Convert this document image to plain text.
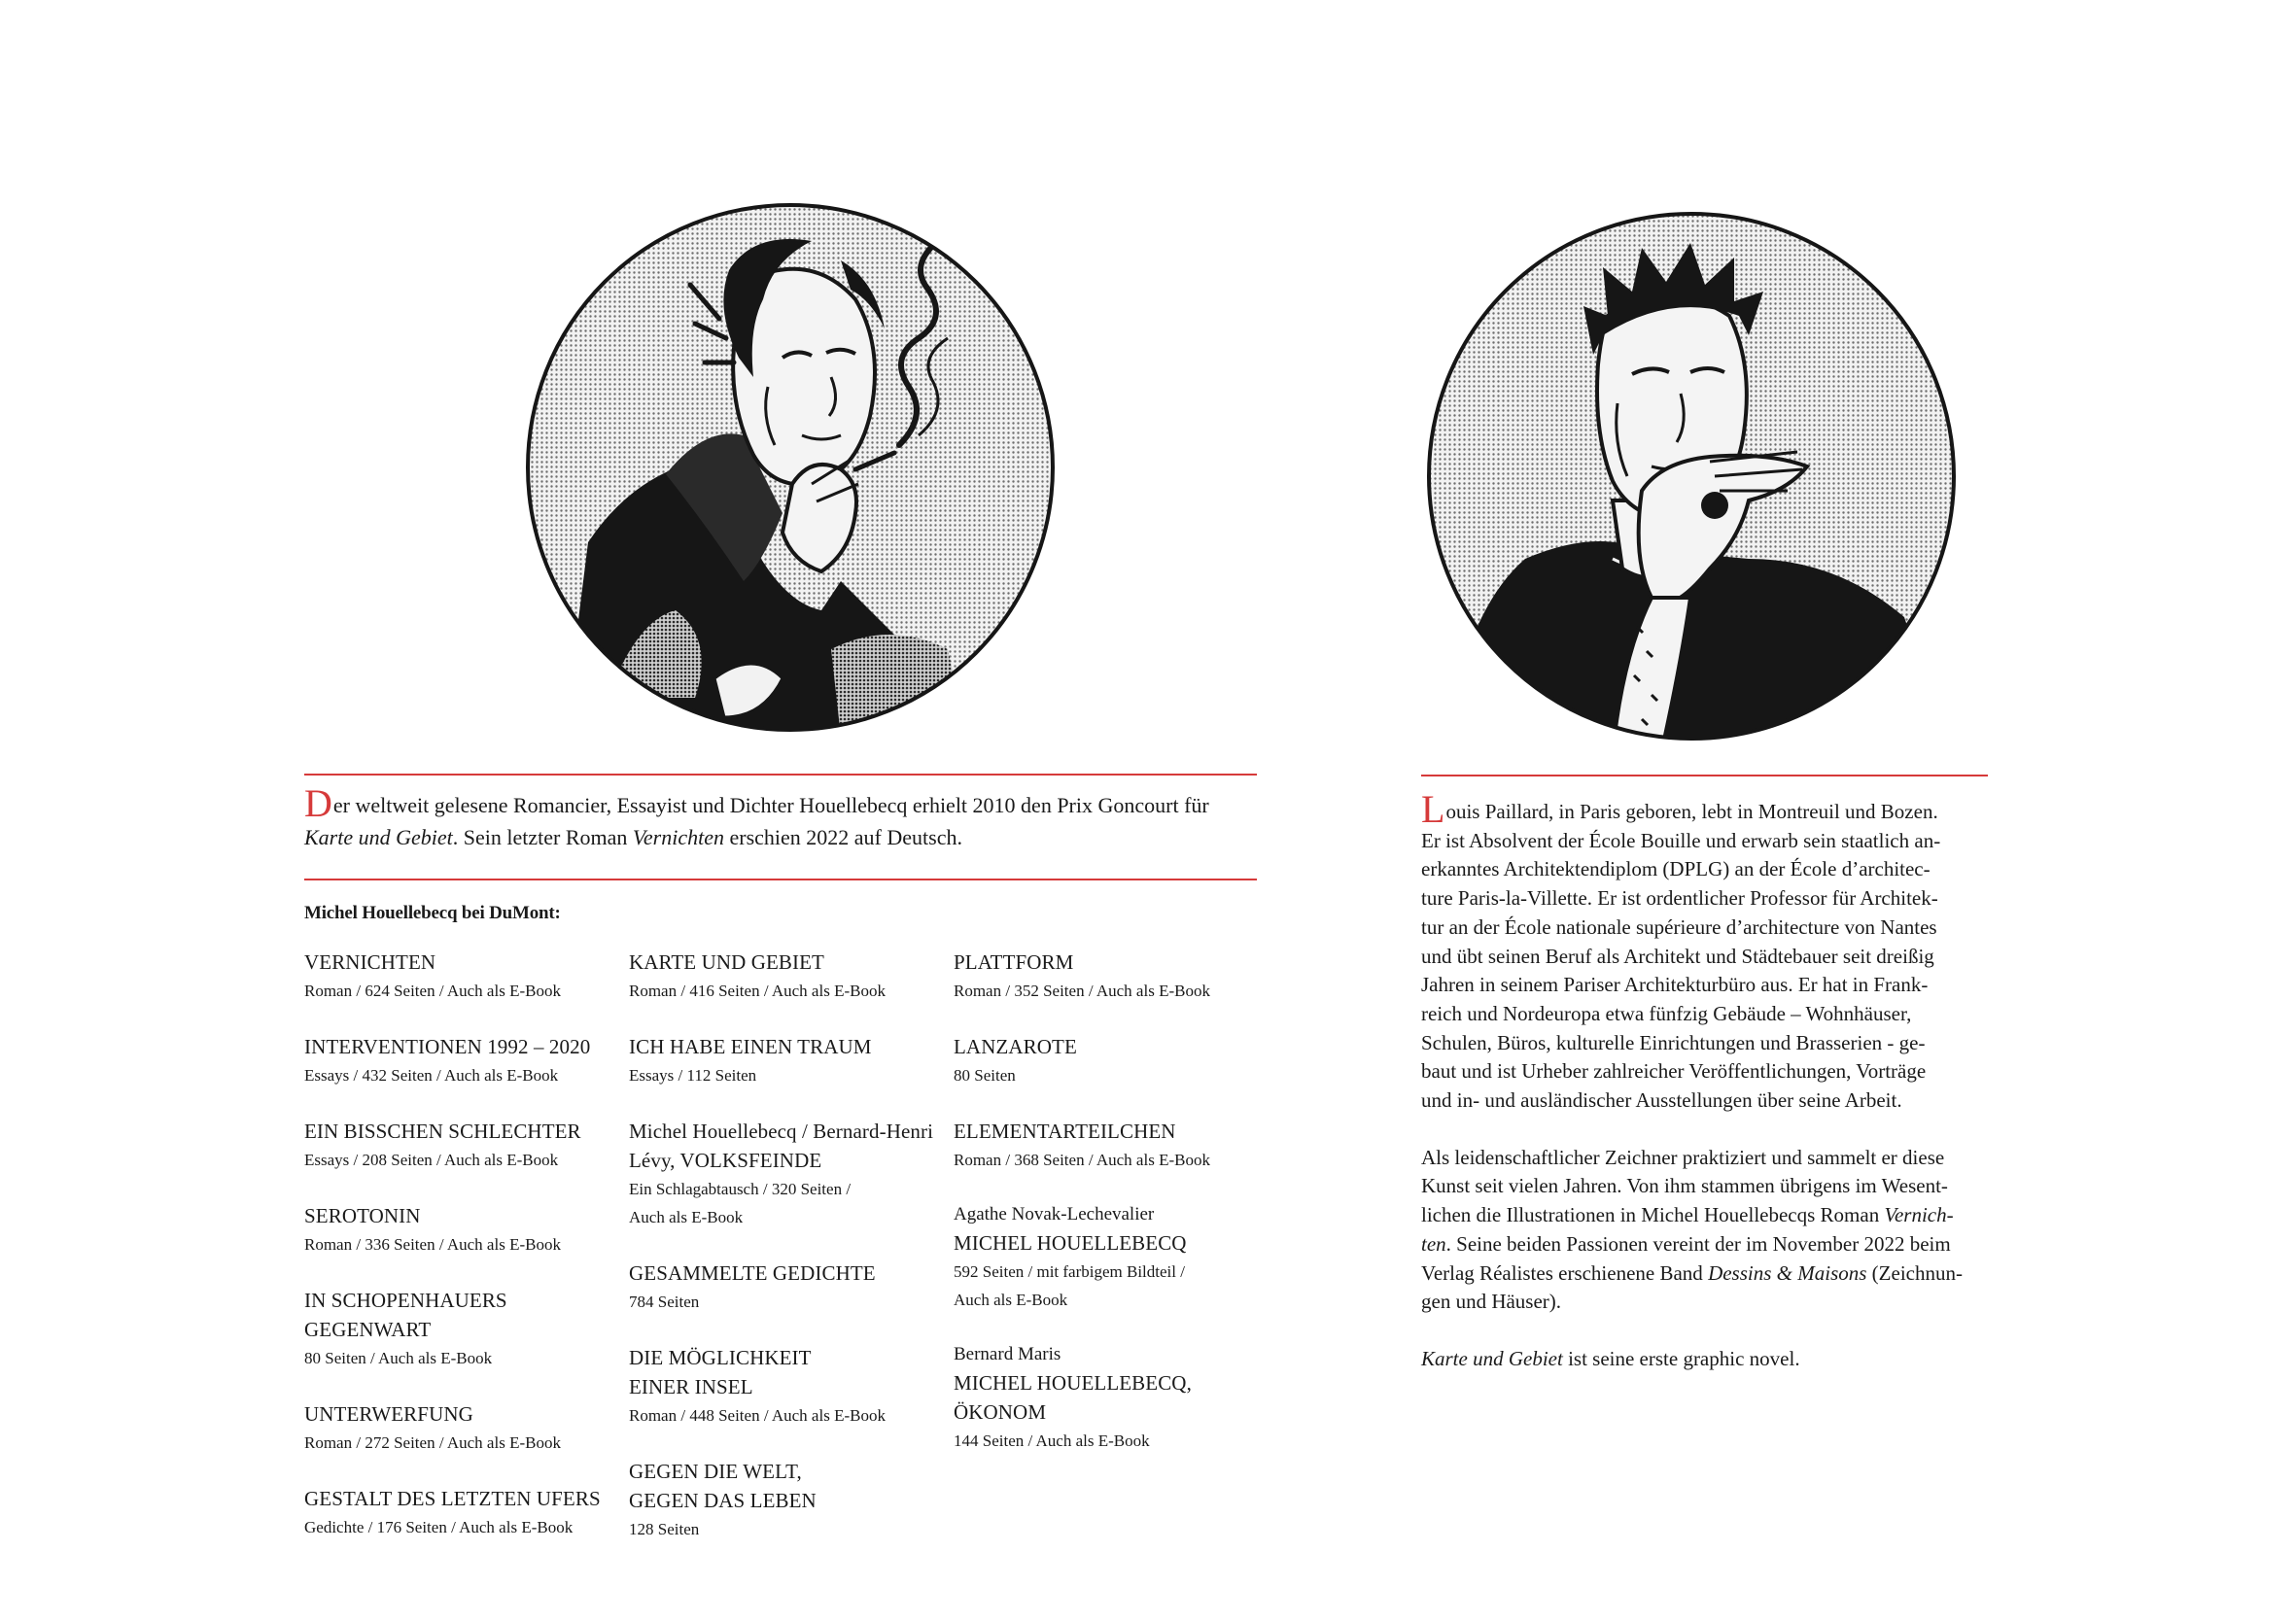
Der weltweit gelesene Romancier, Essayist und Dichter Houellebecq erhielt 2010 den Prix Goncourt für Karte und Gebiet. Sein letzter Roman Vernichten erschien 2022 auf Deutsch.

Michel Houellebecq bei DuMont:

VERNICHTEN
Roman / 624 Seiten / Auch als E-Book
INTERVENTIONEN 1992 – 2020
Essays / 432 Seiten / Auch als E-Book
EIN BISSCHEN SCHLECHTER
Essays / 208 Seiten / Auch als E-Book
SEROTONIN
Roman / 336 Seiten / Auch als E-Book
IN SCHOPENHAUERS
GEGENWART
80 Seiten / Auch als E-Book
UNTERWERFUNG
Roman / 272 Seiten / Auch als E-Book
GESTALT DES LETZTEN UFERS
Gedichte / 176 Seiten / Auch als E-Book
KARTE UND GEBIET
Roman / 416 Seiten / Auch als E-Book
ICH HABE EINEN TRAUM
Essays / 112 Seiten
Michel Houellebecq / Bernard-Henri
Lévy, VOLKSFEINDE
Ein Schlagabtausch / 320 Seiten /
Auch als E-Book
GESAMMELTE GEDICHTE
784 Seiten
DIE MÖGLICHKEIT
EINER INSEL
Roman / 448 Seiten / Auch als E-Book
GEGEN DIE WELT,
GEGEN DAS LEBEN
128 Seiten
PLATTFORM
Roman / 352 Seiten / Auch als E-Book
LANZAROTE
80 Seiten
ELEMENTARTEILCHEN
Roman / 368 Seiten / Auch als E-Book
Agathe Novak-Lechevalier
MICHEL HOUELLEBECQ
592 Seiten / mit farbigem Bildteil /
Auch als E-Book
Bernard Maris
MICHEL HOUELLEBECQ,
ÖKONOM
144 Seiten / Auch als E-Book

Louis Paillard, in Paris geboren, lebt in Montreuil und Bozen.
Er ist Absolvent der École Bouille und erwarb sein staatlich an-
erkanntes Architektendiplom (DPLG) an der École d’architec-
ture Paris-la-Villette. Er ist ordentlicher Professor für Architek-
tur an der École nationale supérieure d’architecture von Nantes
und übt seinen Beruf als Architekt und Städtebauer seit dreißig
Jahren in seinem Pariser Architekturbüro aus. Er hat in Frank-
reich und Nordeuropa etwa fünfzig Gebäude – Wohnhäuser,
Schulen, Büros, kulturelle Einrichtungen und Brasserien - ge-
baut und ist Urheber zahlreicher Veröffentlichungen, Vorträge
und in- und ausländischer Ausstellungen über seine Arbeit.

Als leidenschaftlicher Zeichner praktiziert und sammelt er diese
Kunst seit vielen Jahren. Von ihm stammen übrigens im Wesent-
lichen die Illustrationen in Michel Houellebecqs Roman Vernich-
ten. Seine beiden Passionen vereint der im November 2022 beim
Verlag Réalistes erschienene Band Dessins & Maisons (Zeichnun-
gen und Häuser).

Karte und Gebiet ist seine erste graphic novel.
